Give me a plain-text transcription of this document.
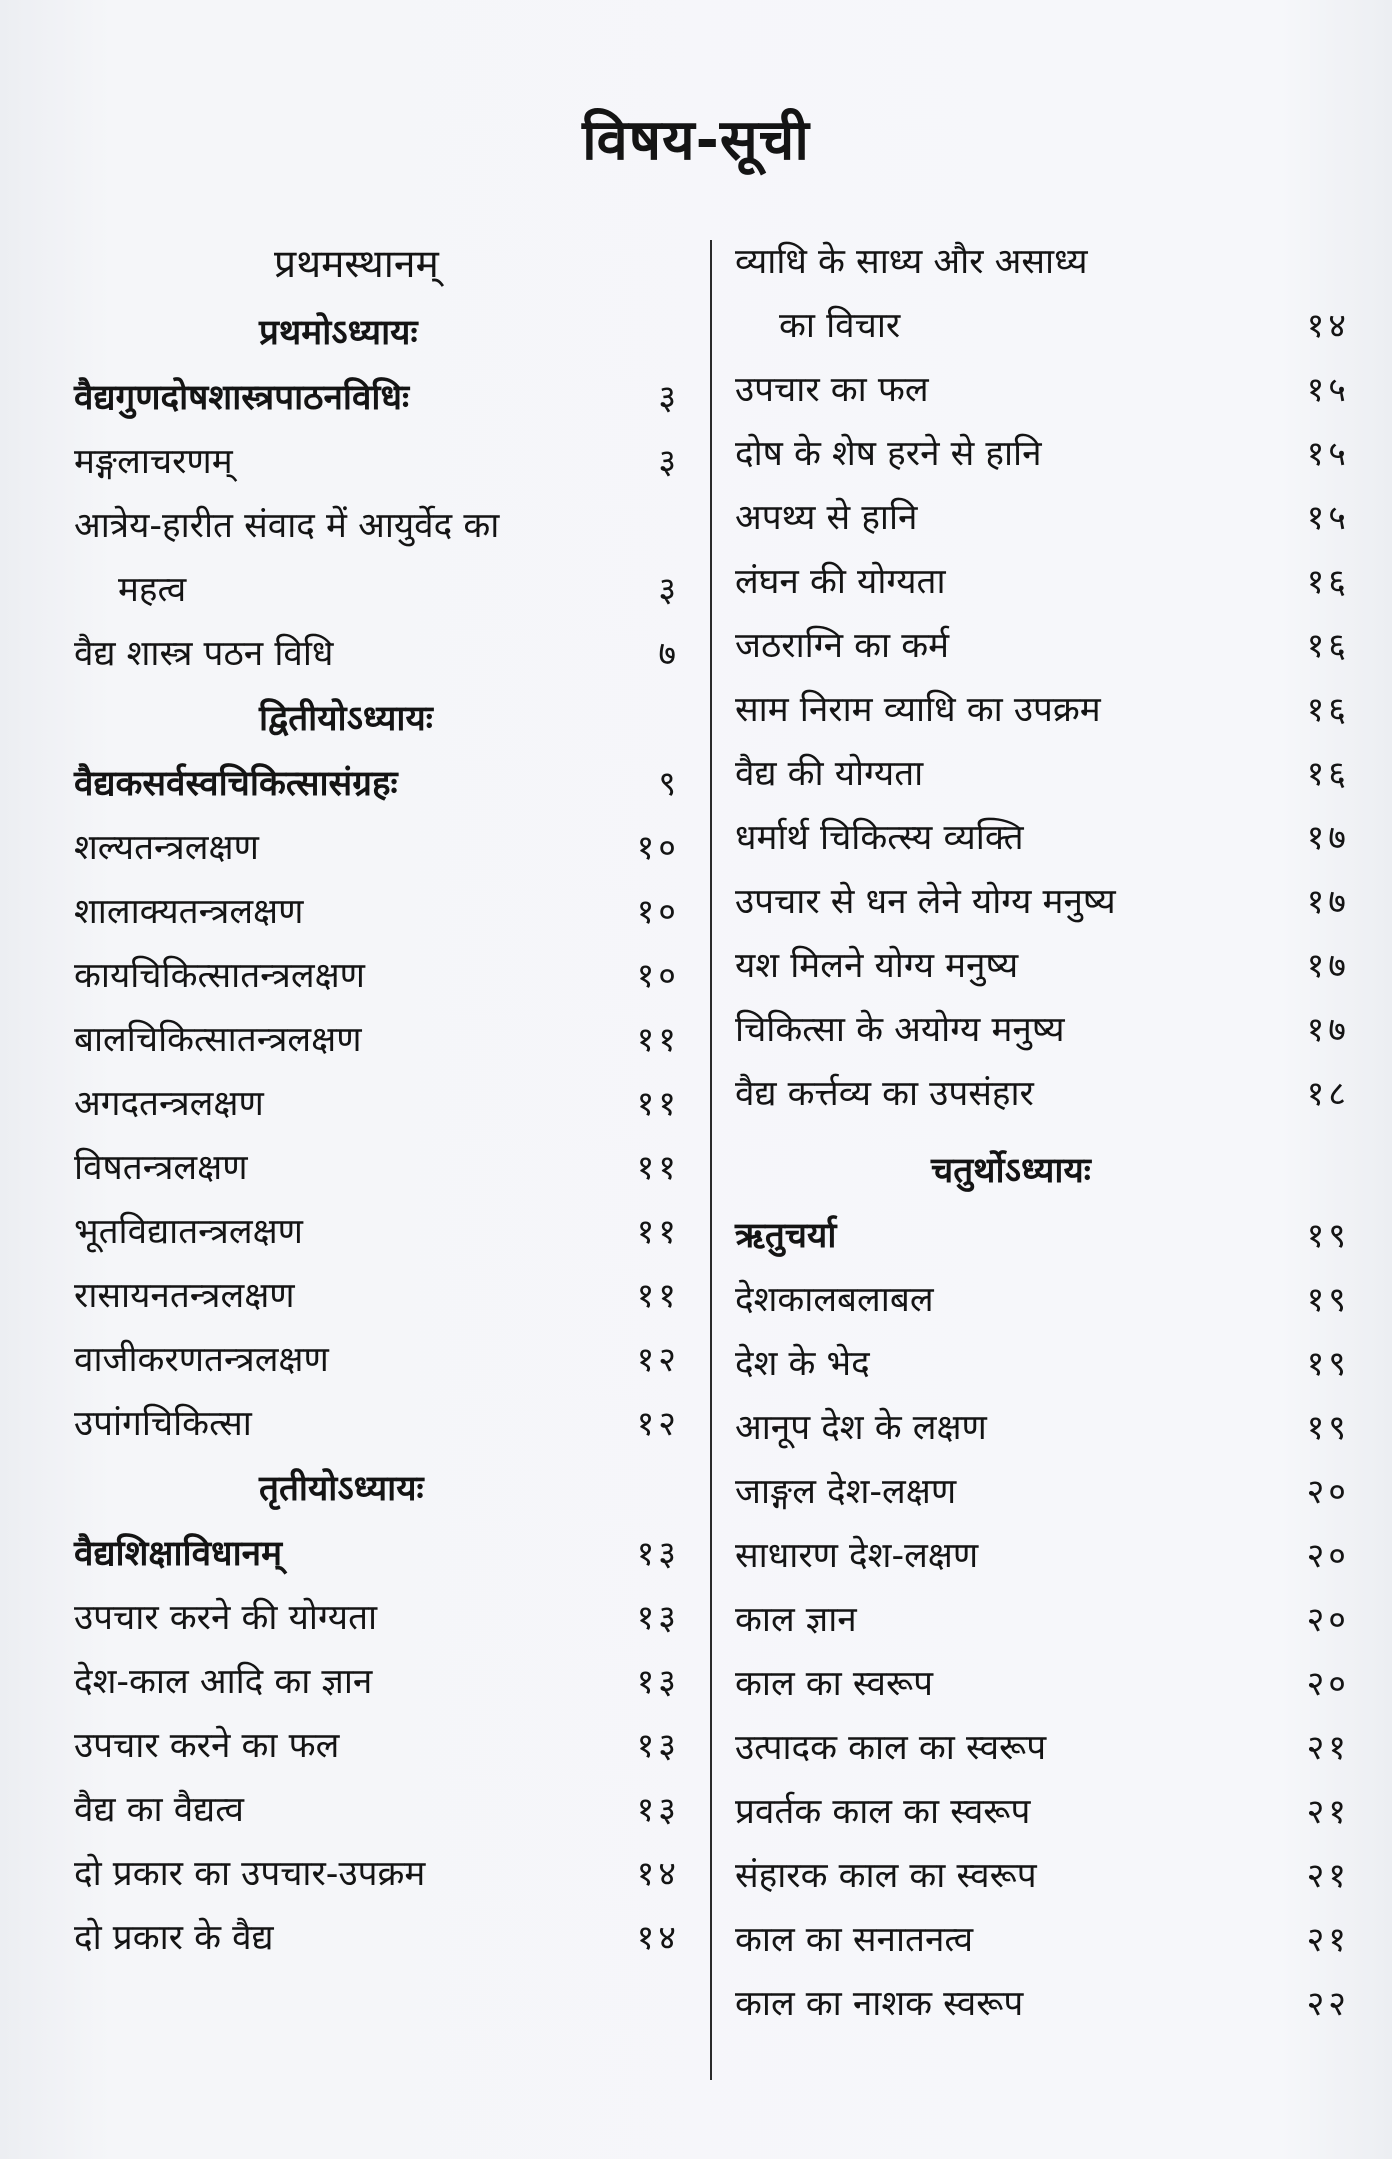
विषय-सूची
प्रथमस्थानम्
प्रथमोऽध्यायः
वैद्यगुणदोषशास्त्रपाठनविधिः	३
मङ्गलाचरणम्	३
आत्रेय-हारीत संवाद में आयुर्वेद का
महत्व	३
वैद्य शास्त्र पठन विधि	७
द्वितीयोऽध्यायः
वैद्यकसर्वस्वचिकित्सासंग्रहः	९
शल्यतन्त्रलक्षण	१०
शालाक्यतन्त्रलक्षण	१०
कायचिकित्सातन्त्रलक्षण	१०
बालचिकित्सातन्त्रलक्षण	११
अगदतन्त्रलक्षण	११
विषतन्त्रलक्षण	११
भूतविद्यातन्त्रलक्षण	११
रासायनतन्त्रलक्षण	११
वाजीकरणतन्त्रलक्षण	१२
उपांगचिकित्सा	१२
तृतीयोऽध्यायः
वैद्यशिक्षाविधानम्	१३
उपचार करने की योग्यता	१३
देश-काल आदि का ज्ञान	१३
उपचार करने का फल	१३
वैद्य का वैद्यत्व	१३
दो प्रकार का उपचार-उपक्रम	१४
दो प्रकार के वैद्य	१४
व्याधि के साध्य और असाध्य
का विचार	१४
उपचार का फल	१५
दोष के शेष हरने से हानि	१५
अपथ्य से हानि	१५
लंघन की योग्यता	१६
जठराग्नि का कर्म	१६
साम निराम व्याधि का उपक्रम	१६
वैद्य की योग्यता	१६
धर्मार्थ चिकित्स्य व्यक्ति	१७
उपचार से धन लेने योग्य मनुष्य	१७
यश मिलने योग्य मनुष्य	१७
चिकित्सा के अयोग्य मनुष्य	१७
वैद्य कर्त्तव्य का उपसंहार	१८
चतुर्थोऽध्यायः
ऋतुचर्या	१९
देशकालबलाबल	१९
देश के भेद	१९
आनूप देश के लक्षण	१९
जाङ्गल देश-लक्षण	२०
साधारण देश-लक्षण	२०
काल ज्ञान	२०
काल का स्वरूप	२०
उत्पादक काल का स्वरूप	२१
प्रवर्तक काल का स्वरूप	२१
संहारक काल का स्वरूप	२१
काल का सनातनत्व	२१
काल का नाशक स्वरूप	२२
